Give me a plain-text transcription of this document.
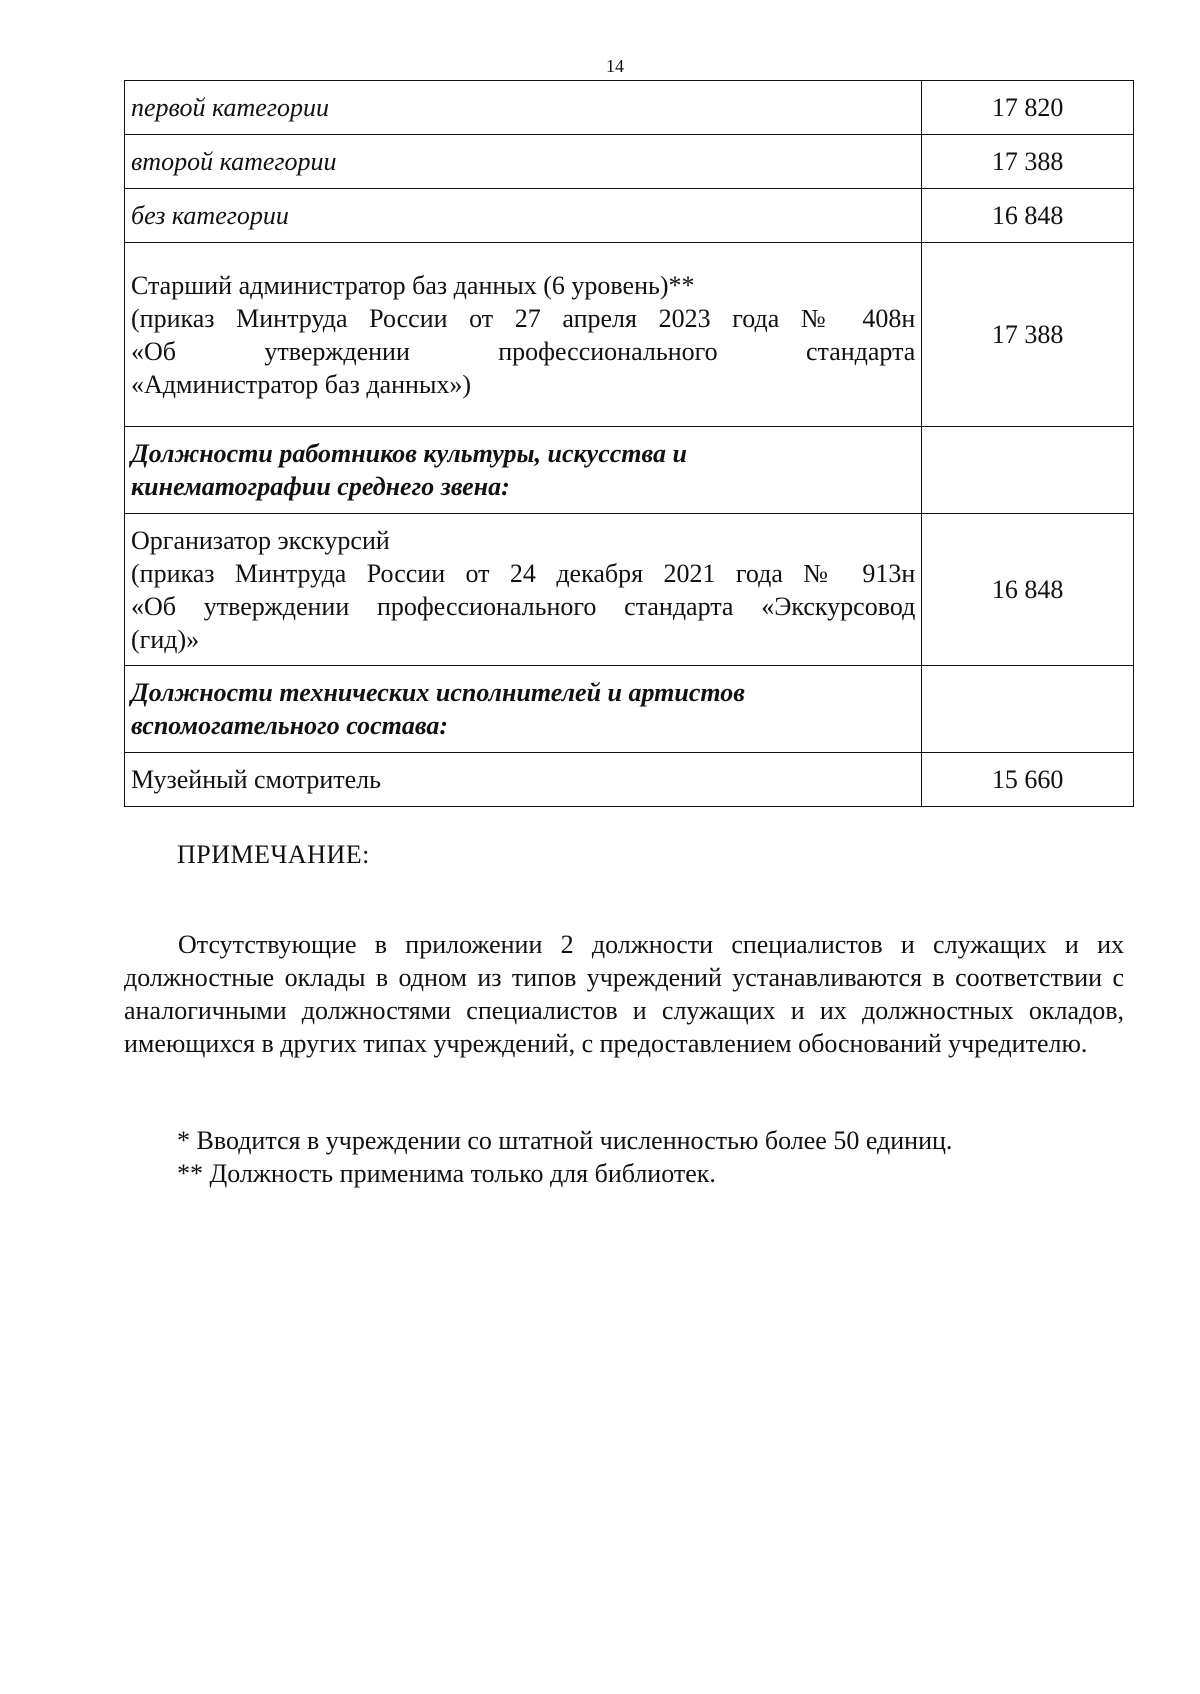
14
первой категории	17 820

второй категории	17 388

без категории	16 848

Старший администратор баз данных (6 уровень)**
(приказ Минтруда России от 27 апреля 2023 года № 408н
«Об утверждении профессионального стандарта
«Администратор баз данных»)	17 388

Должности работников культуры, искусства и
кинематографии среднего звена:	

Организатор экскурсий
(приказ Минтруда России от 24 декабря 2021 года № 913н
«Об утверждении профессионального стандарта «Экскурсовод
(гид)»	16 848

Должности технических исполнителей и артистов
вспомогательного состава:	

Музейный смотритель	15 660
ПРИМЕЧАНИЕ:
Отсутствующие в приложении 2 должности специалистов и служащих и их должностные оклады в одном из типов учреждений устанавливаются в соответствии с аналогичными должностями специалистов и служащих и их должностных окладов, имеющихся в других типах учреждений, с предоставлением обоснований учредителю.
* Вводится в учреждении со штатной численностью более 50 единиц.
** Должность применима только для библиотек.
